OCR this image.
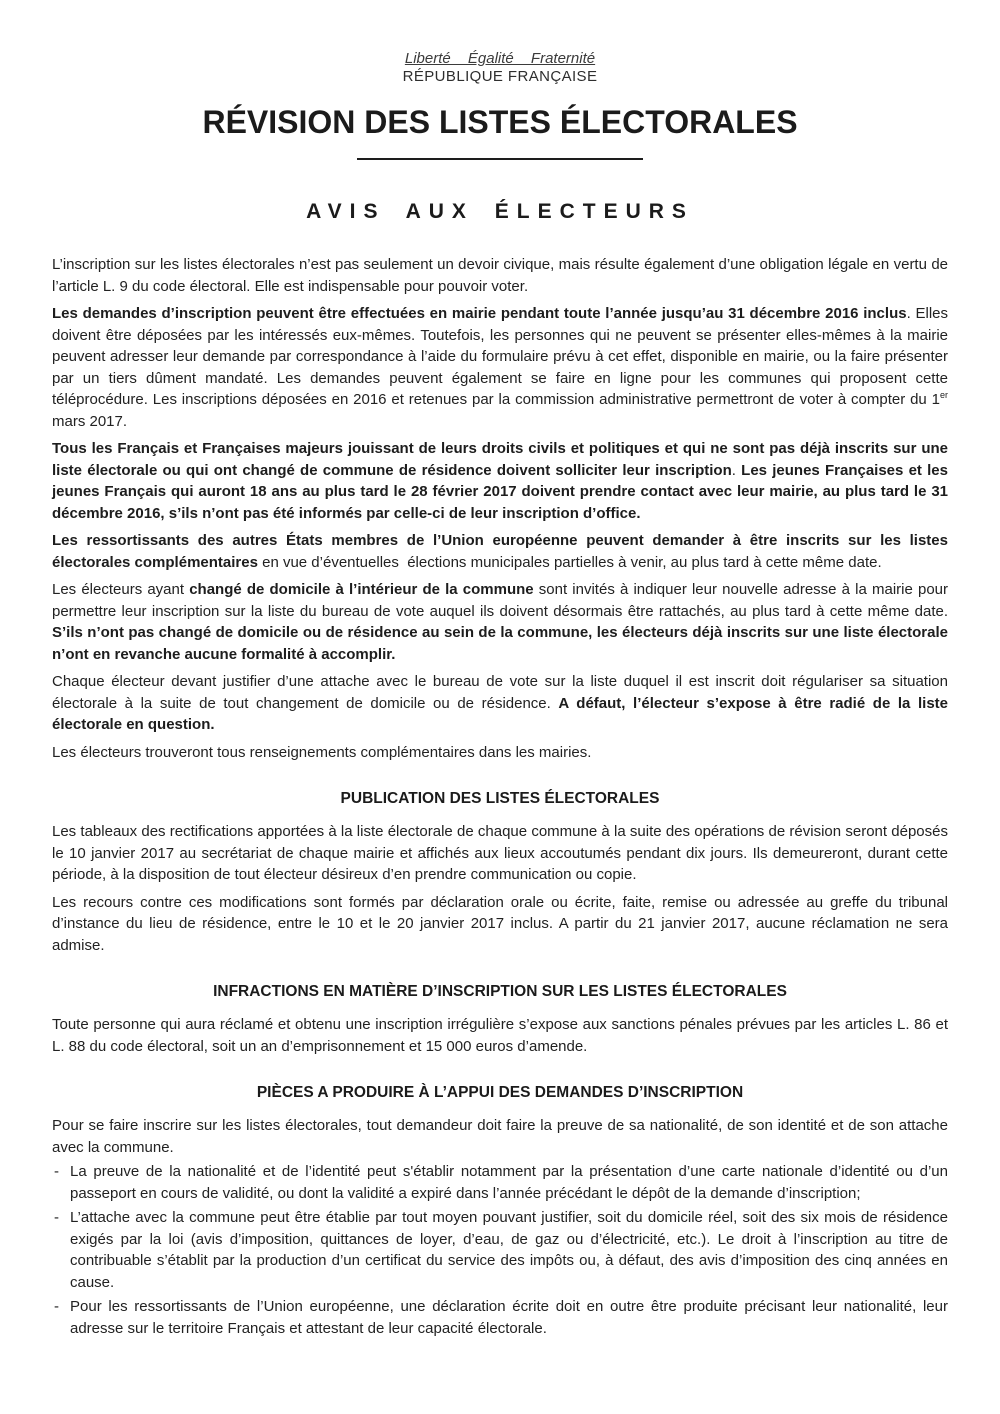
Liberté Égalité Fraternité
RÉPUBLIQUE FRANÇAISE
RÉVISION DES LISTES ÉLECTORALES
AVIS AUX ÉLECTEURS

L’inscription sur les listes électorales n’est pas seulement un devoir civique, mais résulte également d’une obligation légale en vertu de l’article L. 9 du code électoral. Elle est indispensable pour pouvoir voter.

Les demandes d’inscription peuvent être effectuées en mairie pendant toute l’année jusqu’au 31 décembre 2016 inclus. Elles doivent être déposées par les intéressés eux-mêmes. Toutefois, les personnes qui ne peuvent se présenter elles-mêmes à la mairie peuvent adresser leur demande par correspondance à l’aide du formulaire prévu à cet effet, disponible en mairie, ou la faire présenter par un tiers dûment mandaté. Les demandes peuvent également se faire en ligne pour les communes qui proposent cette téléprocédure. Les inscriptions déposées en 2016 et retenues par la commission administrative permettront de voter à compter du 1er mars 2017.

Tous les Français et Françaises majeurs jouissant de leurs droits civils et politiques et qui ne sont pas déjà inscrits sur une liste électorale ou qui ont changé de commune de résidence doivent solliciter leur inscription. Les jeunes Françaises et les jeunes Français qui auront 18 ans au plus tard le 28 février 2017 doivent prendre contact avec leur mairie, au plus tard le 31 décembre 2016, s’ils n’ont pas été informés par celle-ci de leur inscription d’office.

Les ressortissants des autres États membres de l’Union européenne peuvent demander à être inscrits sur les listes électorales complémentaires en vue d’éventuelles  élections municipales partielles à venir, au plus tard à cette même date.

Les électeurs ayant changé de domicile à l’intérieur de la commune sont invités à indiquer leur nouvelle adresse à la mairie pour permettre leur inscription sur la liste du bureau de vote auquel ils doivent désormais être rattachés, au plus tard à cette même date. S’ils n’ont pas changé de domicile ou de résidence au sein de la commune, les électeurs déjà inscrits sur une liste électorale n’ont en revanche aucune formalité à accomplir.

Chaque électeur devant justifier d’une attache avec le bureau de vote sur la liste duquel il est inscrit doit régulariser sa situation électorale à la suite de tout changement de domicile ou de résidence. A défaut, l’électeur s’expose à être radié de la liste électorale en question.

Les électeurs trouveront tous renseignements complémentaires dans les mairies.

PUBLICATION DES LISTES ÉLECTORALES

Les tableaux des rectifications apportées à la liste électorale de chaque commune à la suite des opérations de révision seront déposés le 10 janvier 2017 au secrétariat de chaque mairie et affichés aux lieux accoutumés pendant dix jours. Ils demeureront, durant cette période, à la disposition de tout électeur désireux d’en prendre communication ou copie.

Les recours contre ces modifications sont formés par déclaration orale ou écrite, faite, remise ou adressée au greffe du tribunal d’instance du lieu de résidence, entre le 10 et le 20 janvier 2017 inclus. A partir du 21 janvier 2017, aucune réclamation ne sera admise.

INFRACTIONS EN MATIÈRE D’INSCRIPTION SUR LES LISTES ÉLECTORALES

Toute personne qui aura réclamé et obtenu une inscription irrégulière s’expose aux sanctions pénales prévues par les articles L. 86 et L. 88 du code électoral, soit un an d’emprisonnement et 15 000 euros d’amende.

PIÈCES A PRODUIRE À L’APPUI DES DEMANDES D’INSCRIPTION

Pour se faire inscrire sur les listes électorales, tout demandeur doit faire la preuve de sa nationalité, de son identité et de son attache avec la commune.

- La preuve de la nationalité et de l’identité peut s'établir notamment par la présentation d’une carte nationale d’identité ou d’un passeport en cours de validité, ou dont la validité a expiré dans l’année précédant le dépôt de la demande d’inscription;
- L’attache avec la commune peut être établie par tout moyen pouvant justifier, soit du domicile réel, soit des six mois de résidence exigés par la loi (avis d’imposition, quittances de loyer, d’eau, de gaz ou d’électricité, etc.). Le droit à l’inscription au titre de contribuable s’établit par la production d’un certificat du service des impôts ou, à défaut, des avis d’imposition des cinq années en cause.
- Pour les ressortissants de l’Union européenne, une déclaration écrite doit en outre être produite précisant leur nationalité, leur adresse sur le territoire Français et attestant de leur capacité électorale.
